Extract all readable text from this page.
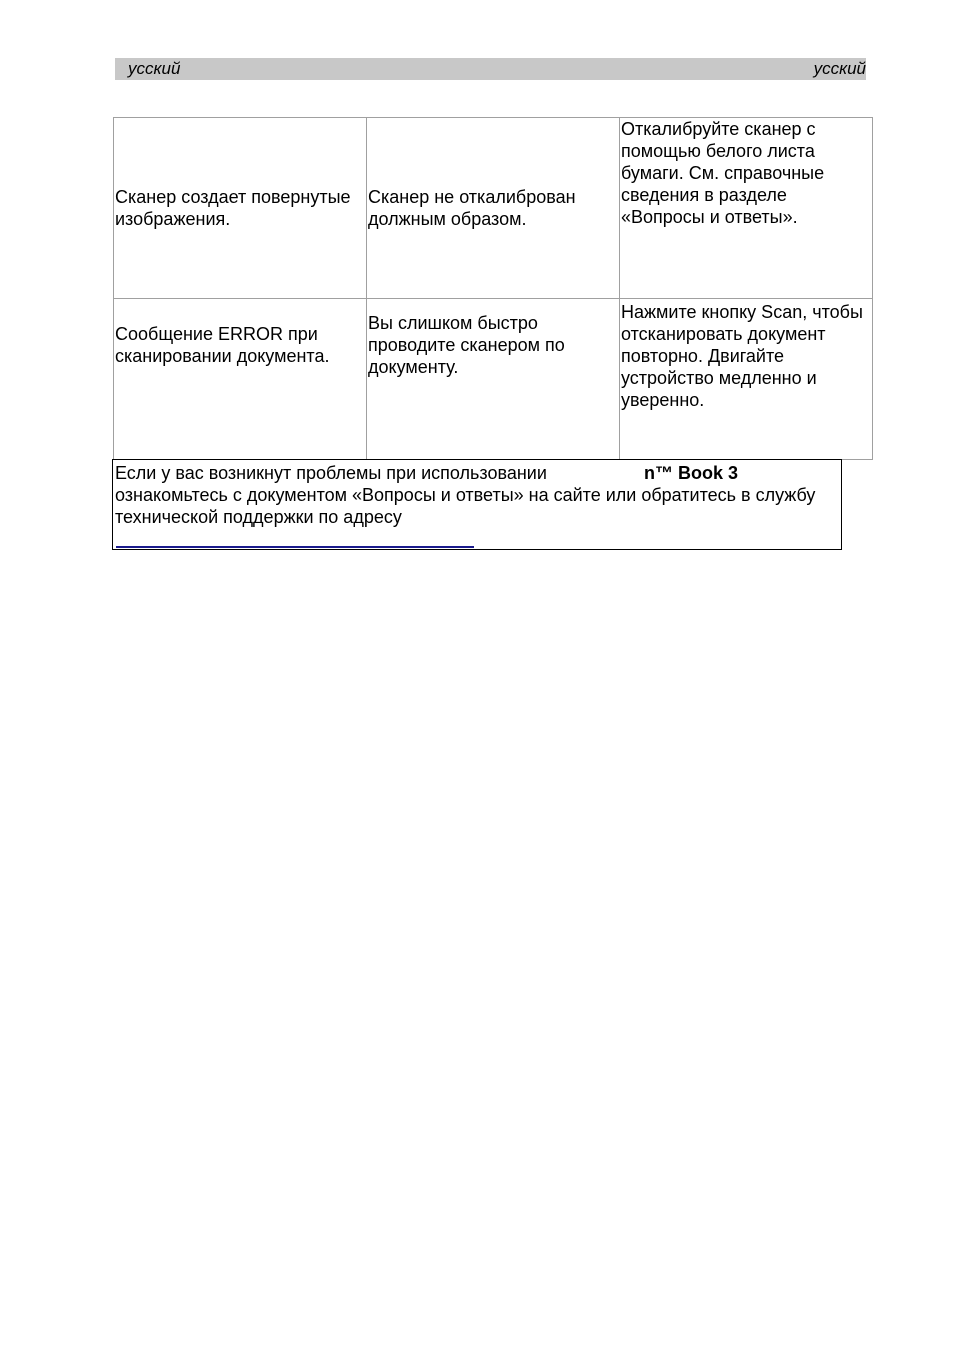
усский	усский
Сканер создает повернутые изображения.	Сканер не откалиброван должным образом.	Откалибруйте сканер с помощью белого листа бумаги. См. справочные сведения в разделе «Вопросы и ответы».
Сообщение ERROR при сканировании документа.	Вы слишком быстро проводите сканером по документу.	Нажмите кнопку Scan, чтобы отсканировать документ повторно. Двигайте устройство медленно и уверенно.
Если у вас возникнут проблемы при использовании	n™ Book 3
ознакомьтесь с документом «Вопросы и ответы» на сайте или обратитесь в службу технической поддержки по адресу
